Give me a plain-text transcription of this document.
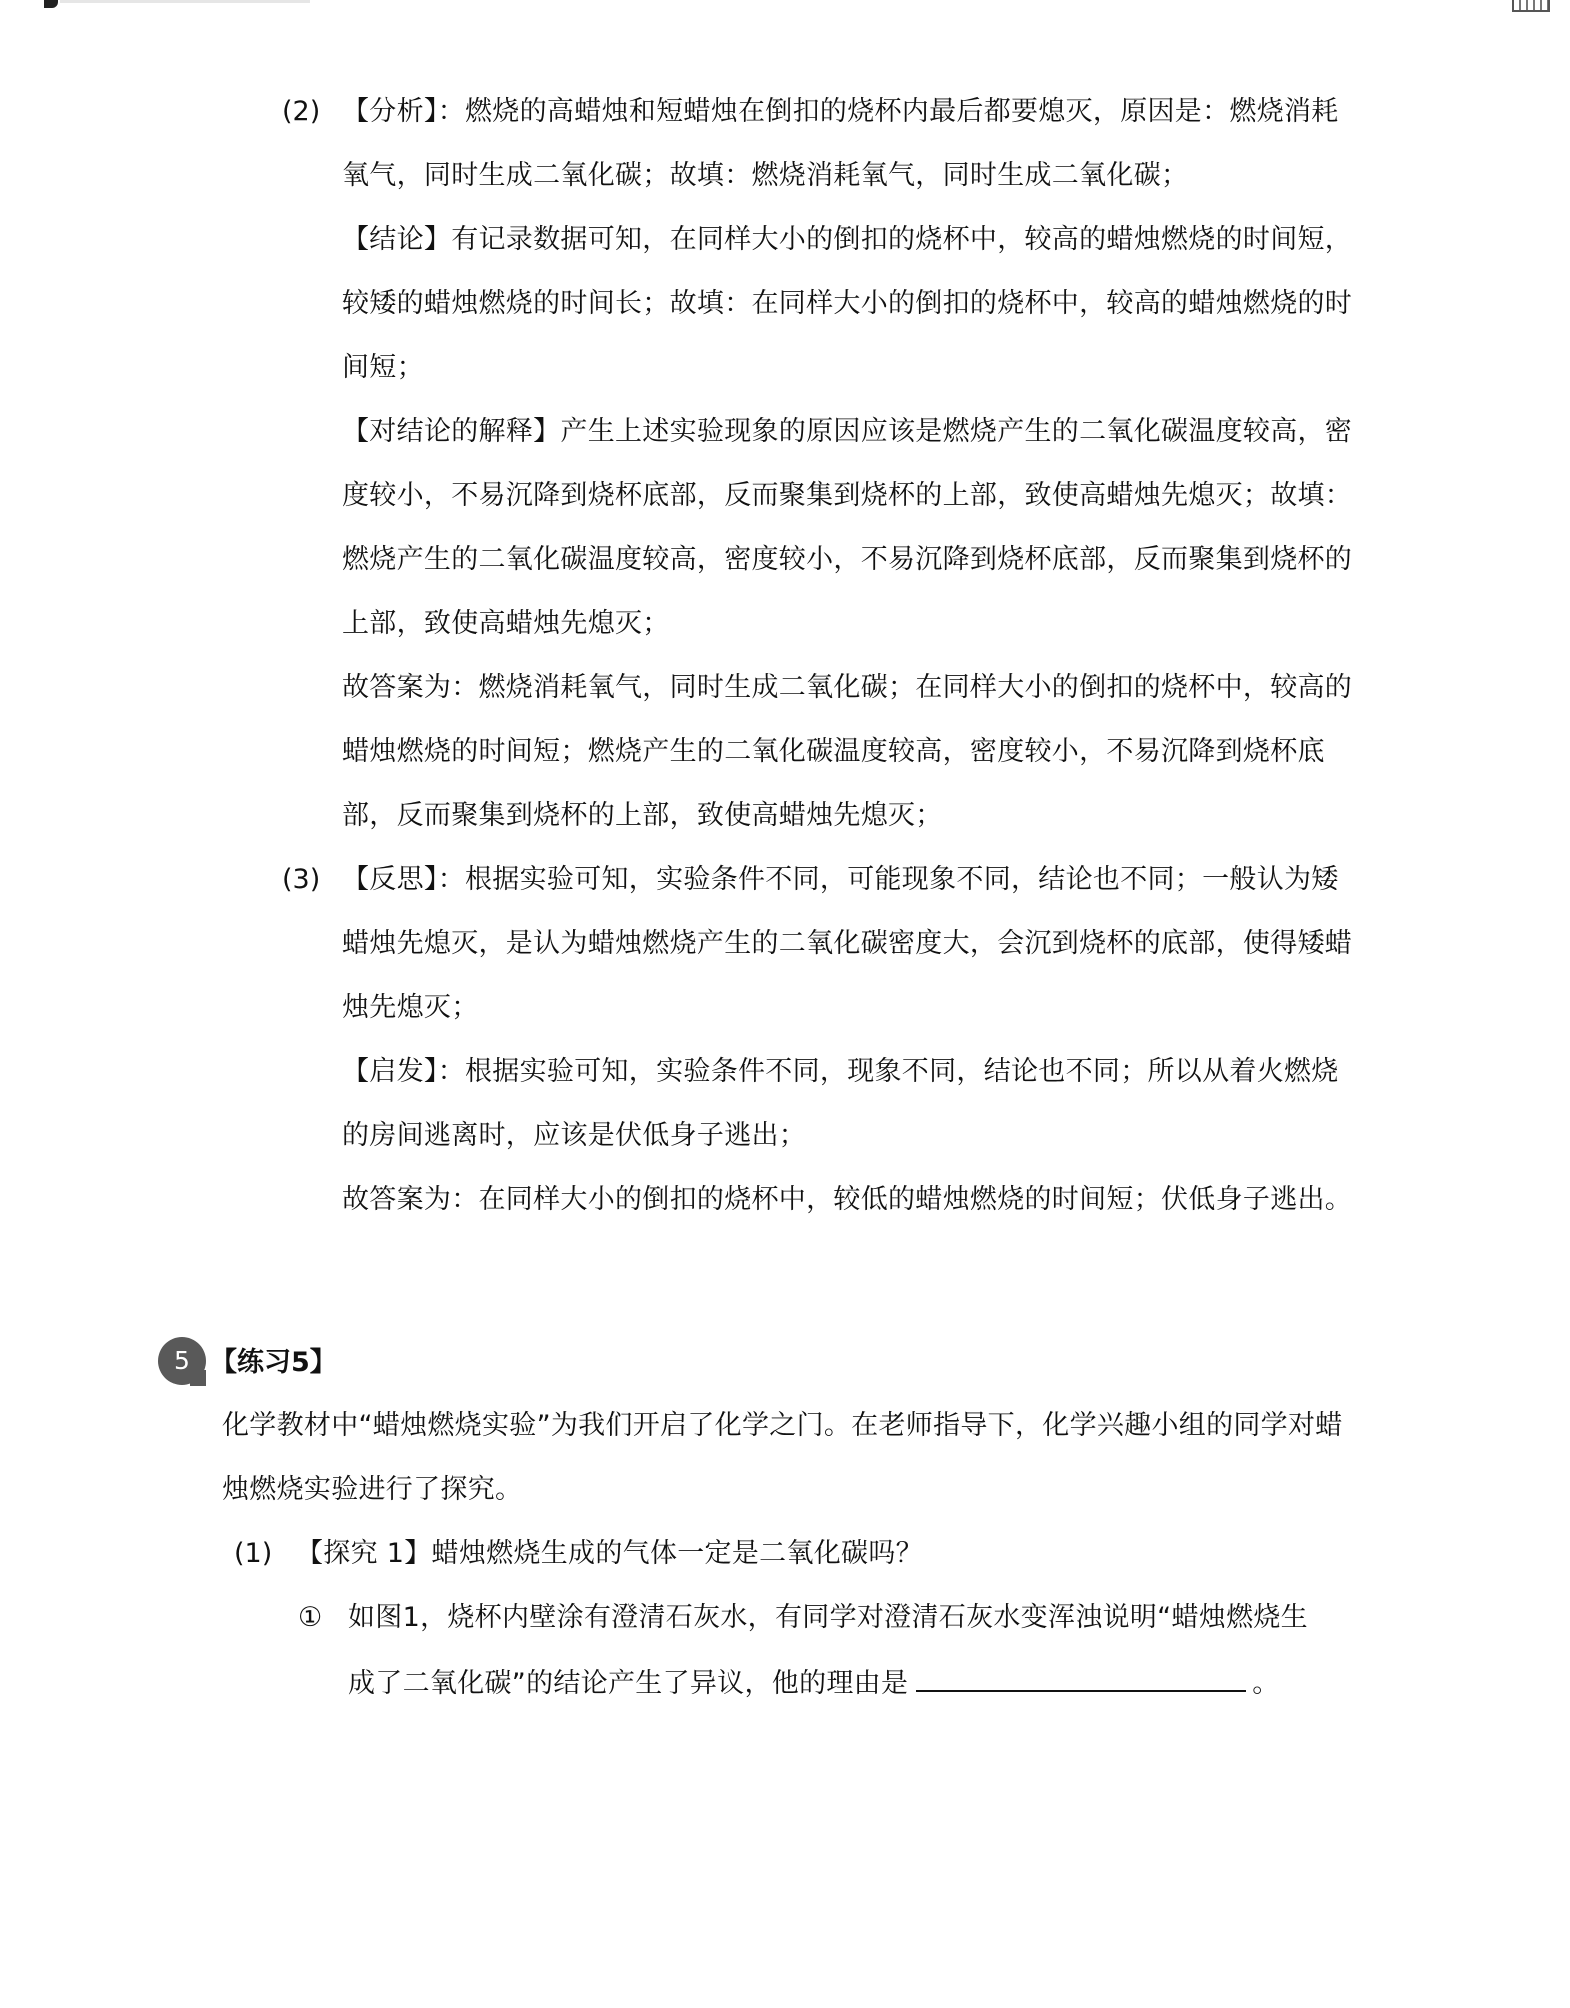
(2) 【分析】：燃烧的高蜡烛和短蜡烛在倒扣的烧杯内最后都要熄灭，原因是：燃烧消耗
氧气，同时生成二氧化碳；故填：燃烧消耗氧气，同时生成二氧化碳；
【结论】有记录数据可知，在同样大小的倒扣的烧杯中，较高的蜡烛燃烧的时间短，
较矮的蜡烛燃烧的时间长；故填：在同样大小的倒扣的烧杯中，较高的蜡烛燃烧的时
间短；
【对结论的解释】产生上述实验现象的原因应该是燃烧产生的二氧化碳温度较高，密
度较小，不易沉降到烧杯底部，反而聚集到烧杯的上部，致使高蜡烛先熄灭；故填：
燃烧产生的二氧化碳温度较高，密度较小，不易沉降到烧杯底部，反而聚集到烧杯的
上部，致使高蜡烛先熄灭；
故答案为：燃烧消耗氧气，同时生成二氧化碳；在同样大小的倒扣的烧杯中，较高的
蜡烛燃烧的时间短；燃烧产生的二氧化碳温度较高，密度较小，不易沉降到烧杯底
部，反而聚集到烧杯的上部，致使高蜡烛先熄灭；
(3) 【反思】：根据实验可知，实验条件不同，可能现象不同，结论也不同；一般认为矮
蜡烛先熄灭，是认为蜡烛燃烧产生的二氧化碳密度大，会沉到烧杯的底部，使得矮蜡
烛先熄灭；
【启发】：根据实验可知，实验条件不同，现象不同，结论也不同；所以从着火燃烧
的房间逃离时，应该是伏低身子逃出；
故答案为：在同样大小的倒扣的烧杯中，较低的蜡烛燃烧的时间短；伏低身子逃出。
5 【练习5】
化学教材中“蜡烛燃烧实验”为我们开启了化学之门。在老师指导下，化学兴趣小组的同学对蜡
烛燃烧实验进行了探究。
(1) 【探究 1】蜡烛燃烧生成的气体一定是二氧化碳吗？
① 如图1，烧杯内壁涂有澄清石灰水，有同学对澄清石灰水变浑浊说明“蜡烛燃烧生
成了二氧化碳”的结论产生了异议，他的理由是	。
